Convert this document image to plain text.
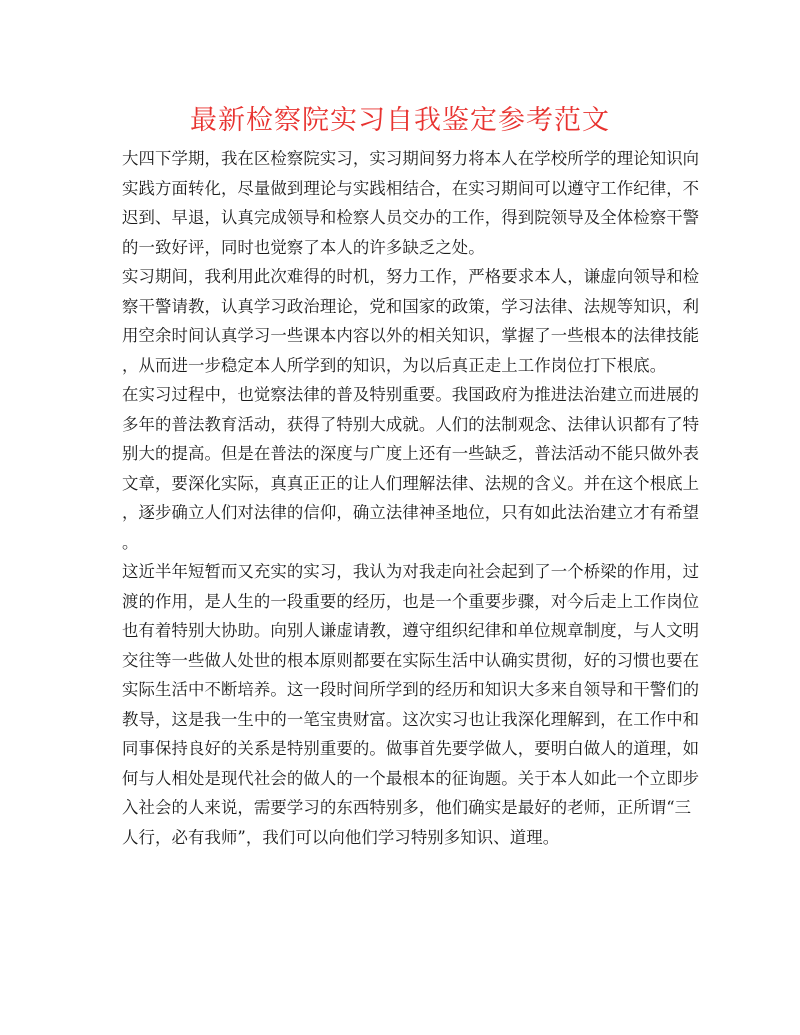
最新检察院实习自我鉴定参考范文
大四下学期，我在区检察院实习，实习期间努力将本人在学校所学的理论知识向
实践方面转化，尽量做到理论与实践相结合，在实习期间可以遵守工作纪律，不
迟到、早退，认真完成领导和检察人员交办的工作，得到院领导及全体检察干警
的一致好评，同时也觉察了本人的许多缺乏之处。
实习期间，我利用此次难得的时机，努力工作，严格要求本人，谦虚向领导和检
察干警请教，认真学习政治理论，党和国家的政策，学习法律、法规等知识，利
用空余时间认真学习一些课本内容以外的相关知识，掌握了一些根本的法律技能
，从而进一步稳定本人所学到的知识，为以后真正走上工作岗位打下根底。
在实习过程中，也觉察法律的普及特别重要。我国政府为推进法治建立而进展的
多年的普法教育活动，获得了特别大成就。人们的法制观念、法律认识都有了特
别大的提高。但是在普法的深度与广度上还有一些缺乏，普法活动不能只做外表
文章，要深化实际，真真正正的让人们理解法律、法规的含义。并在这个根底上
，逐步确立人们对法律的信仰，确立法律神圣地位，只有如此法治建立才有希望
。
这近半年短暂而又充实的实习，我认为对我走向社会起到了一个桥梁的作用，过
渡的作用，是人生的一段重要的经历，也是一个重要步骤，对今后走上工作岗位
也有着特别大协助。向别人谦虚请教，遵守组织纪律和单位规章制度，与人文明
交往等一些做人处世的根本原则都要在实际生活中认确实贯彻，好的习惯也要在
实际生活中不断培养。这一段时间所学到的经历和知识大多来自领导和干警们的
教导，这是我一生中的一笔宝贵财富。这次实习也让我深化理解到，在工作中和
同事保持良好的关系是特别重要的。做事首先要学做人，要明白做人的道理，如
何与人相处是现代社会的做人的一个最根本的征询题。关于本人如此一个立即步
入社会的人来说，需要学习的东西特别多，他们确实是最好的老师，正所谓“三
人行，必有我师”，我们可以向他们学习特别多知识、道理。
